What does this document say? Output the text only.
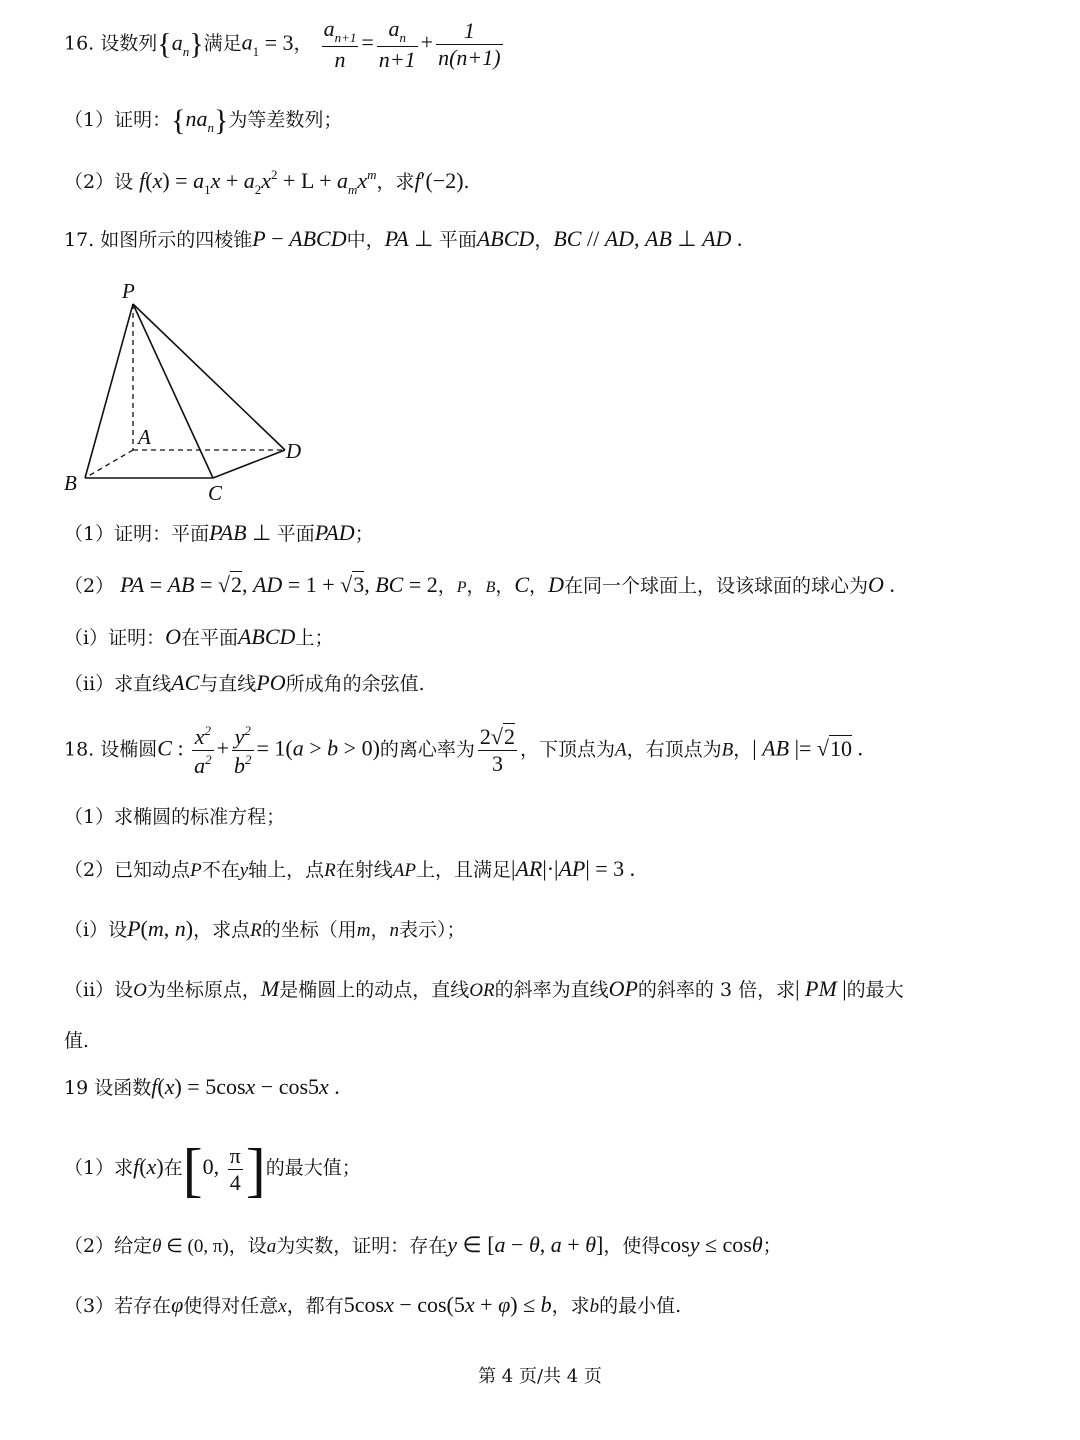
16. 设数列$\{a_n\}$满足$a_1 = 3$， $\frac{a_{n+1}}{n} = \frac{a_n}{n+1} + \frac{1}{n(n+1)}$
（1）证明：$\{na_n\}$为等差数列；
（2）设 $f(x) = a_1x + a_2x^2 + L + a_mx^m$，求f′(−2).
17. 如图所示的四棱锥P − ABCD中，PA ⊥ 平面ABCD，BC // AD, AB ⊥ AD .
P
A
B	C
D
（1）证明：平面PAB ⊥ 平面PAD；
（2） PA = AB = √2, AD = 1 + √3, BC = 2，P，B，C，D在同一个球面上，设该球面的球心为O .
（i）证明：O在平面ABCD上；
（ii）求直线AC与直线PO所成角的余弦值.
18. 设椭圆C : $\frac{x^2}{a^2} + \frac{y^2}{b^2} = 1(a > b > 0)$的离心率为 $\frac{2√2}{3}$ ，下顶点为A，右顶点为B，| AB |= √10 .
（1）求椭圆的标准方程；
（2）已知动点P不在y轴上，点R在射线AP上，且满足|AR|·|AP| = 3 .
（i）设P(m, n)，求点R的坐标（用m，n表示）；
（ii）设O为坐标原点，M是椭圆上的动点，直线OR的斜率为直线OP的斜率的 3 倍，求| PM |的最大
值.
19 设函数f(x) = 5cosx − cos5x .
（1）求f(x)在[0, $\frac{\pi}{4}$ ]的最大值；
（2）给定θ ∈ (0, π)，设a为实数，证明：存在y ∈ [a − θ, a + θ]，使得cosy ≤ cosθ；
（3）若存在φ使得对任意x，都有5cosx − cos(5x + φ) ≤ b，求b的最小值.
第 4 页/共 4 页
